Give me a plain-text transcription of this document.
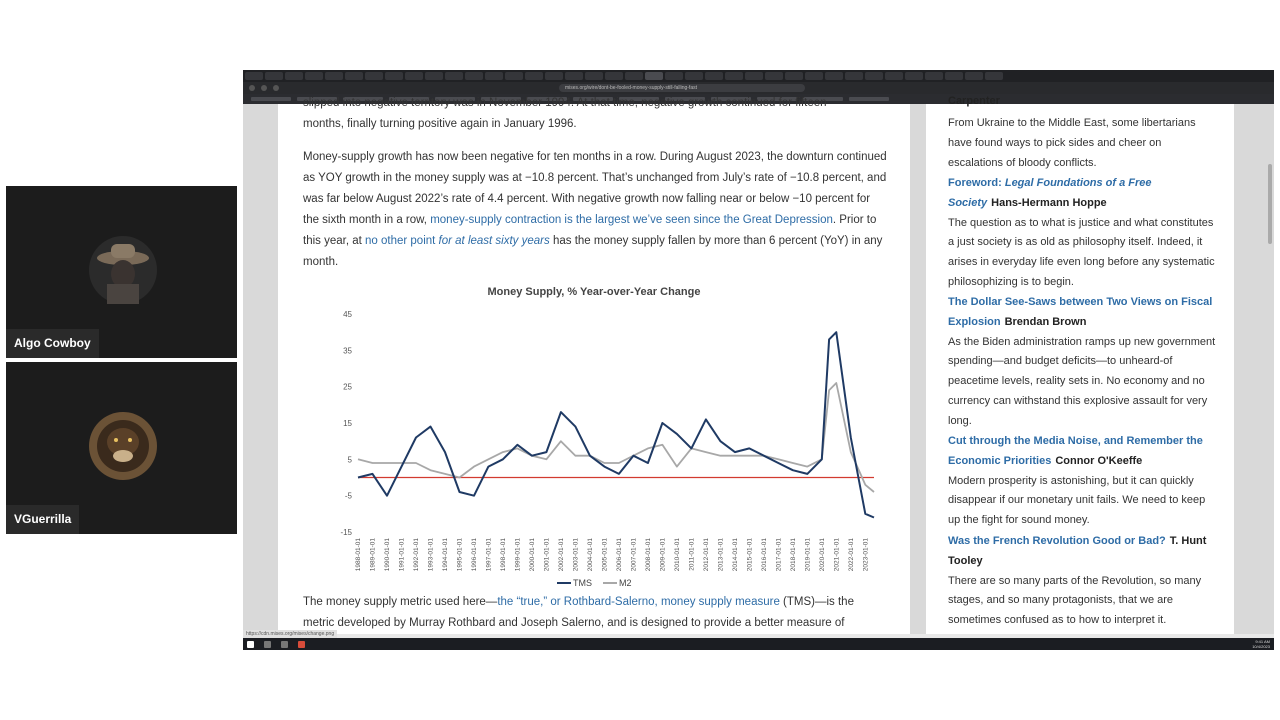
Algo Cowboy
VGuerrilla
mises.org/wire/dont-be-fooled-money-supply-still-falling-fast

slipped into negative territory was in November 1994. At that time, negative growth continued for fifteen
months, finally turning positive again in January 1996.

Money-supply growth has now been negative for ten months in a row. During August 2023, the downturn continued as YOY growth in the money supply was at −10.8 percent. That’s unchanged from July’s rate of −10.8 percent, and was far below August 2022’s rate of 4.4 percent. With negative growth now falling near or below −10 percent for the sixth month in a row, money-supply contraction is the largest we’ve seen since the Great Depression. Prior to this year, at no other point for at least sixty years has the money supply fallen by more than 6 percent (YoY) in any month.

Money Supply, % Year-over-Year Change
45
35
25
15
5
-5
-15
1988-01-01 1989-01-01 1990-01-01 1991-01-01 1992-01-01 1993-01-01 1994-01-01 1995-01-01 1996-01-01 1997-01-01 1998-01-01 1999-01-01 2000-01-01 2001-01-01 2002-01-01 2003-01-01 2004-01-01 2005-01-01 2006-01-01 2007-01-01 2008-01-01 2009-01-01 2010-01-01 2011-01-01 2012-01-01 2013-01-01 2014-01-01 2015-01-01 2016-01-01 2017-01-01 2018-01-01 2019-01-01 2020-01-01 2021-01-01 2022-01-01 2023-01-01
TMS	M2

The money supply metric used here—the “true,” or Rothbard-Salerno, money supply measure (TMS)—is the metric developed by Murray Rothbard and Joseph Salerno, and is designed to provide a better measure of

Carpenter

From Ukraine to the Middle East, some libertarians have found ways to pick sides and cheer on escalations of bloody conflicts.

Foreword: Legal Foundations of a Free Society Hans-Hermann Hoppe
The question as to what is justice and what constitutes a just society is as old as philosophy itself. Indeed, it arises in everyday life even long before any systematic philosophizing is to begin.
The Dollar See-Saws between Two Views on Fiscal Explosion Brendan Brown
As the Biden administration ramps up new government spending—and budget deficits—to unheard-of peacetime levels, reality sets in. No economy and no currency can withstand this explosive assault for very long.
Cut through the Media Noise, and Remember the Economic Priorities Connor O'Keeffe
Modern prosperity is astonishing, but it can quickly disappear if our monetary unit fails. We need to keep up the fight for sound money.
Was the French Revolution Good or Bad? T. Hunt Tooley
There are so many parts of the Revolution, so many stages, and so many protagonists, that we are sometimes confused as to how to interpret it.
https://cdn.mises.org/mises/change.png
9:41 AM
10/4/2023
